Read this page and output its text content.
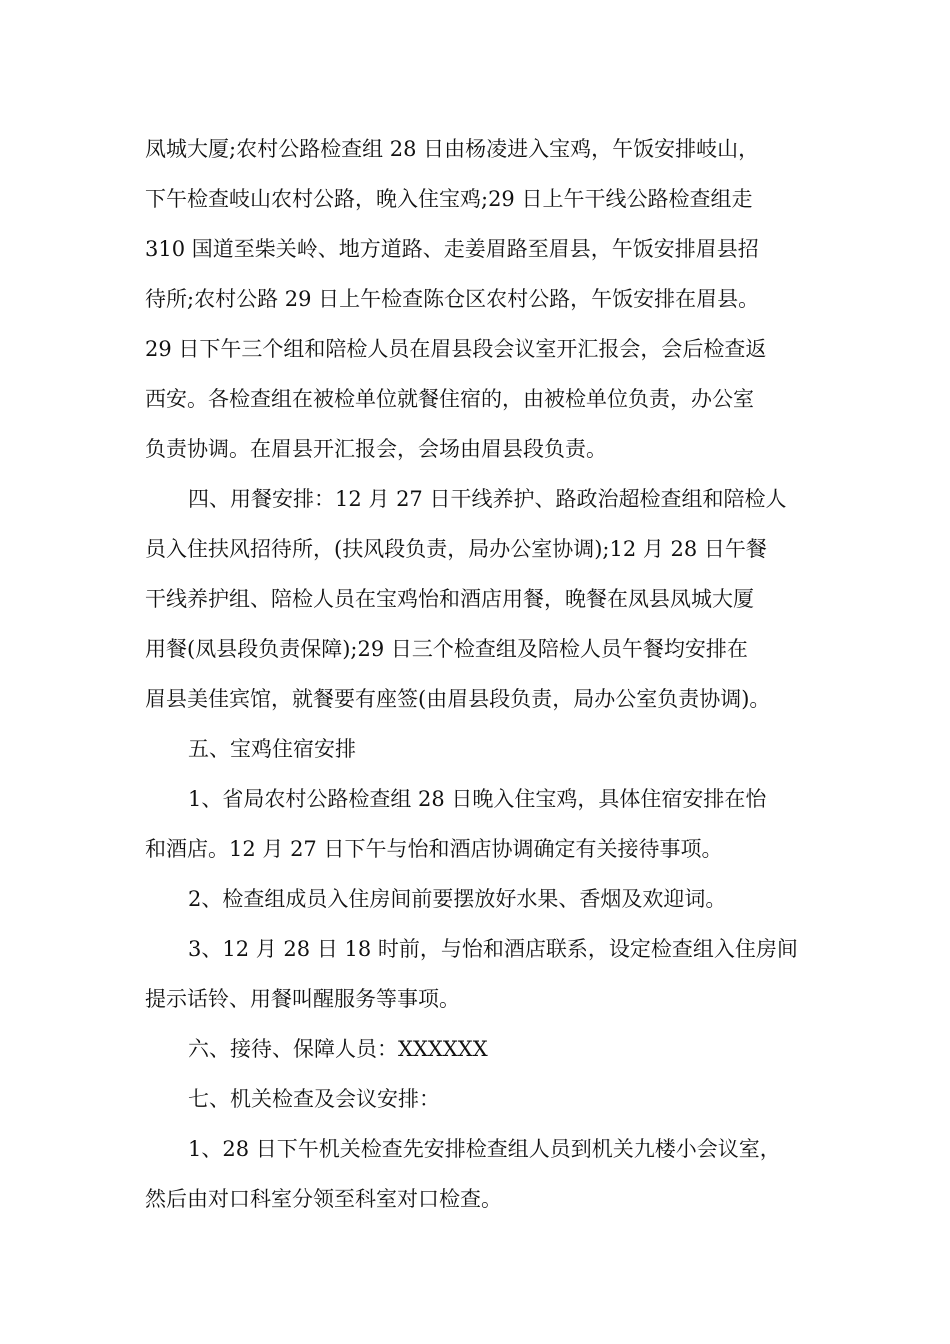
凤城大厦;农村公路检查组 28 日由杨凌进入宝鸡，午饭安排岐山，
下午检查岐山农村公路，晚入住宝鸡;29 日上午干线公路检查组走
310 国道至柴关岭、地方道路、走姜眉路至眉县，午饭安排眉县招
待所;农村公路 29 日上午检查陈仓区农村公路，午饭安排在眉县。
29 日下午三个组和陪检人员在眉县段会议室开汇报会，会后检查返
西安。各检查组在被检单位就餐住宿的，由被检单位负责，办公室
负责协调。在眉县开汇报会，会场由眉县段负责。

四、用餐安排：12 月 27 日干线养护、路政治超检查组和陪检人
员入住扶风招待所，(扶风段负责，局办公室协调);12 月 28 日午餐
干线养护组、陪检人员在宝鸡怡和酒店用餐，晚餐在凤县凤城大厦
用餐(凤县段负责保障);29 日三个检查组及陪检人员午餐均安排在
眉县美佳宾馆，就餐要有座签(由眉县段负责，局办公室负责协调)。

五、宝鸡住宿安排

1、省局农村公路检查组 28 日晚入住宝鸡，具体住宿安排在怡
和酒店。12 月 27 日下午与怡和酒店协调确定有关接待事项。

2、检查组成员入住房间前要摆放好水果、香烟及欢迎词。

3、12 月 28 日 18 时前，与怡和酒店联系，设定检查组入住房间
提示话铃、用餐叫醒服务等事项。

六、接待、保障人员：XXXXXX

七、机关检查及会议安排：

1、28 日下午机关检查先安排检查组人员到机关九楼小会议室，
然后由对口科室分领至科室对口检查。
